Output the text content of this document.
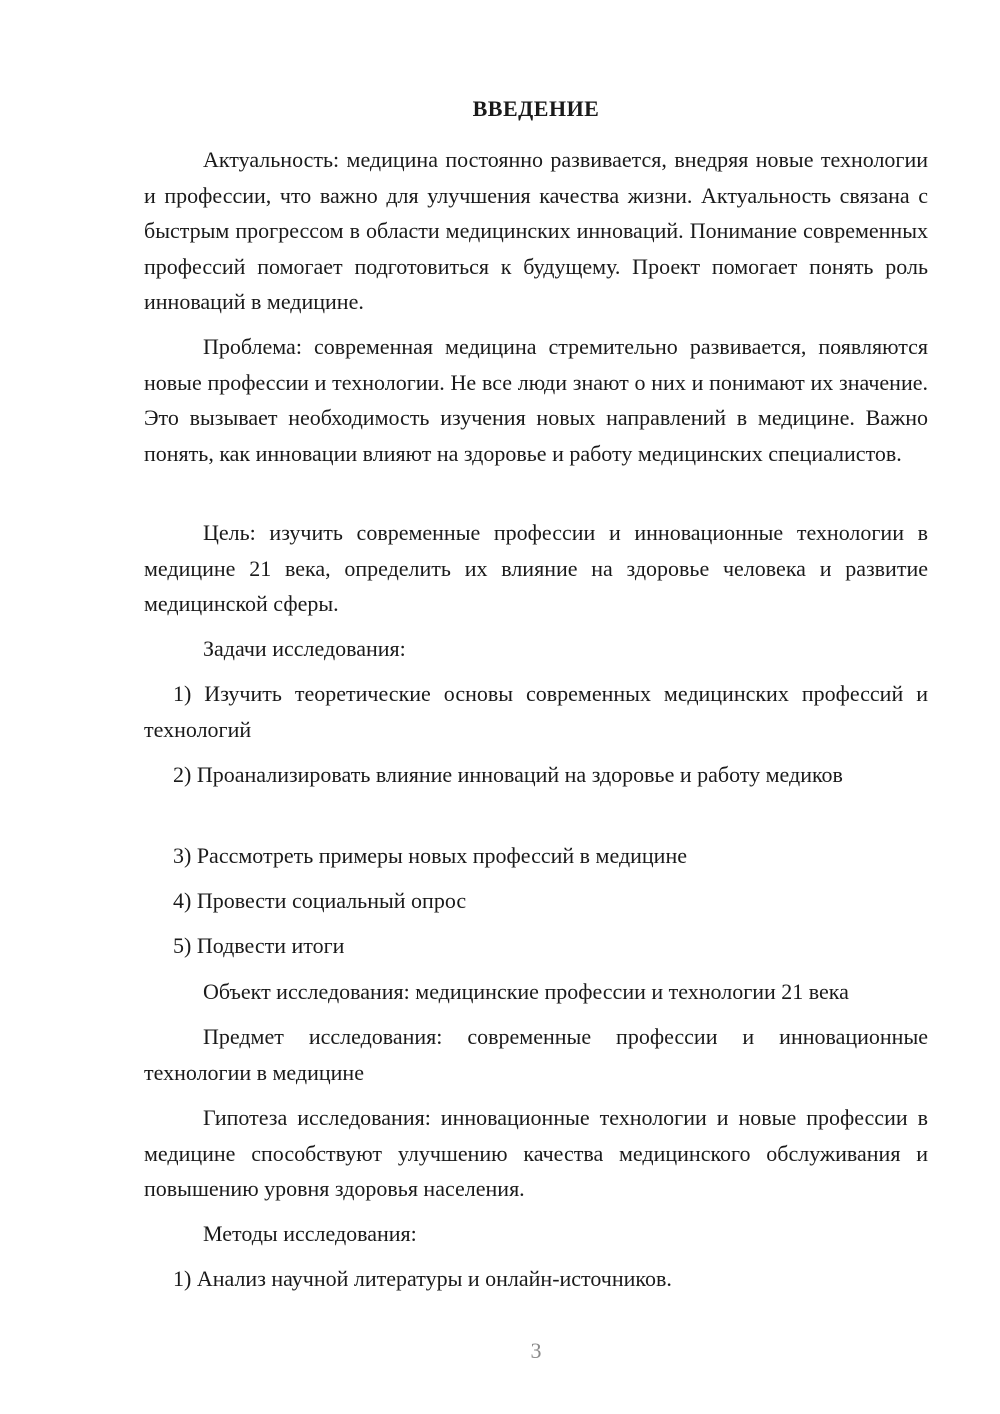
ВВЕДЕНИЕ
Актуальность: медицина постоянно развивается, внедряя новые технологии и профессии, что важно для улучшения качества жизни. Актуальность связана с быстрым прогрессом в области медицинских инноваций. Понимание современных профессий помогает подготовиться к будущему. Проект помогает понять роль инноваций в медицине.
Проблема: современная медицина стремительно развивается, появляются новые профессии и технологии. Не все люди знают о них и понимают их значение. Это вызывает необходимость изучения новых направлений в медицине. Важно понять, как инновации влияют на здоровье и работу медицинских специалистов.
Цель: изучить современные профессии и инновационные технологии в медицине 21 века, определить их влияние на здоровье человека и развитие медицинской сферы.
Задачи исследования:
1) Изучить теоретические основы современных медицинских профессий и технологий
2) Проанализировать влияние инноваций на здоровье и работу медиков
3) Рассмотреть примеры новых профессий в медицине
4) Провести социальный опрос
5) Подвести итоги
Объект исследования: медицинские профессии и технологии 21 века
Предмет исследования: современные профессии и инновационные технологии в медицине
Гипотеза исследования: инновационные технологии и новые профессии в медицине способствуют улучшению качества медицинского обслуживания и повышению уровня здоровья населения.
Методы исследования:
1) Анализ научной литературы и онлайн-источников.
3
